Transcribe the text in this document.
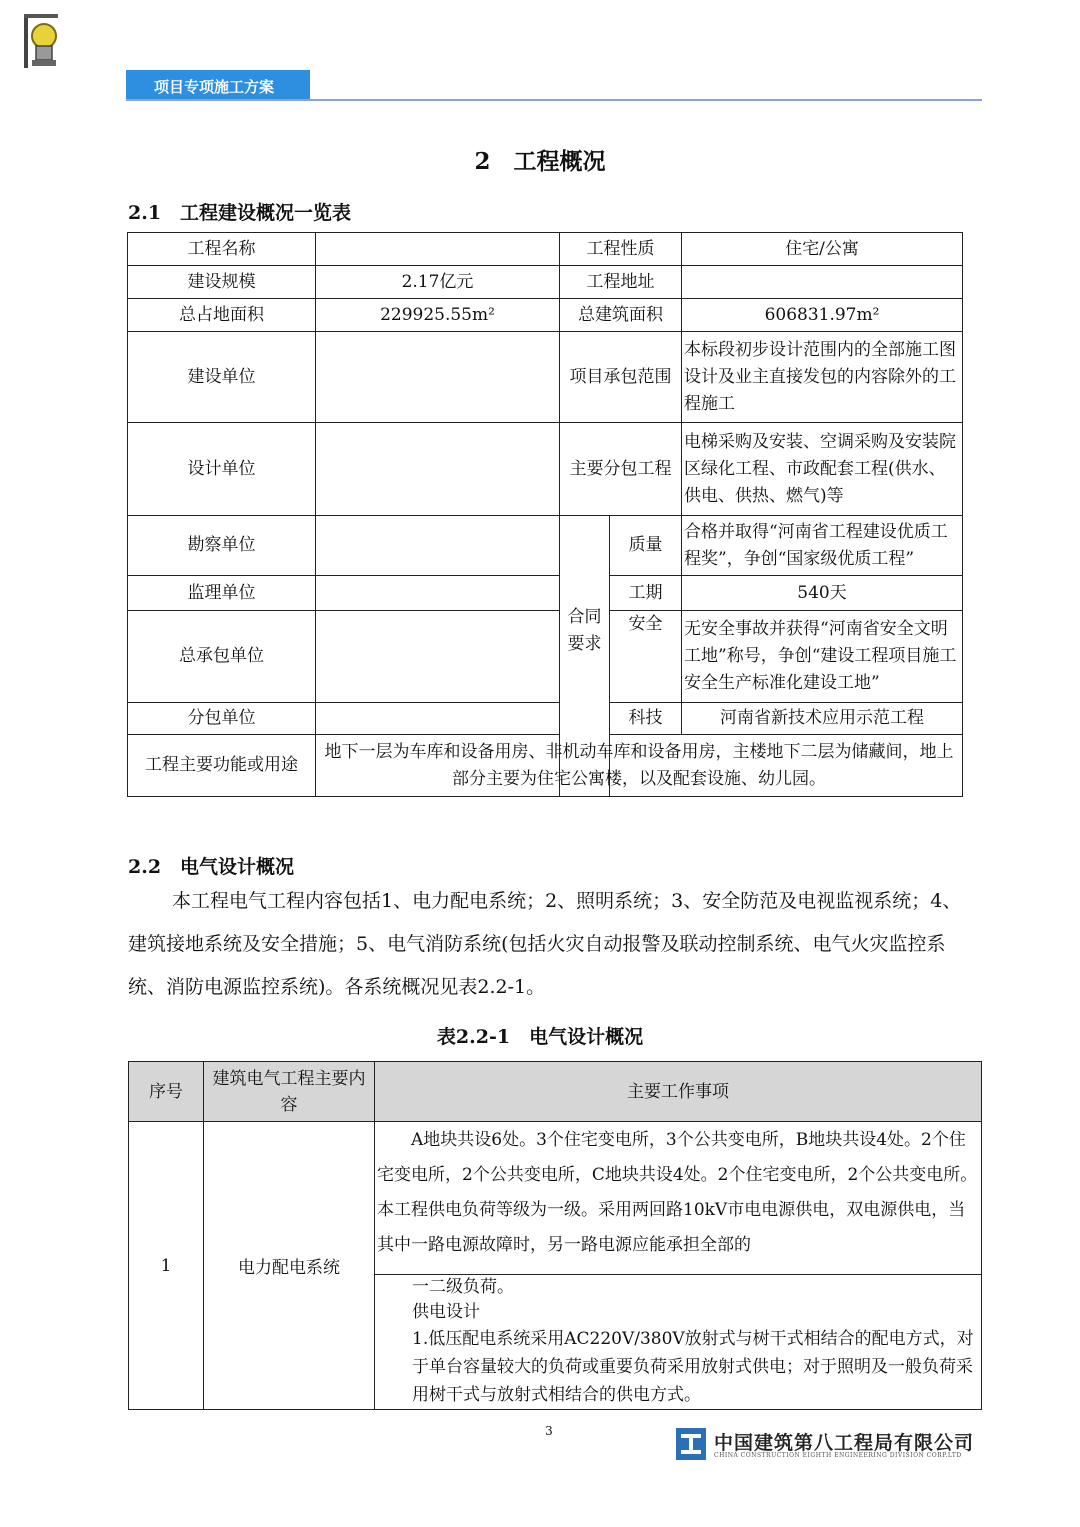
项目专项施工方案
2　工程概况
2.1　工程建设概况一览表
工程名称		工程性质		住宅/公寓
建设规模	2.17亿元	工程地址		
总占地面积	229925.55m²	总建筑面积		606831.97m²
建设单位		项目承包范围		本标段初步设计范围内的全部施工图设计及业主直接发包的内容除外的工程施工
设计单位		主要分包工程		电梯采购及安装、空调采购及安装院区绿化工程、市政配套工程(供水、供电、供热、燃气)等
勘察单位		合同要求	质量	合格并取得“河南省工程建设优质工程奖”，争创“国家级优质工程”
监理单位			工期	540天
总承包单位			安全	无安全事故并获得“河南省安全文明工地”称号，争创“建设工程项目施工安全生产标准化建设工地”
分包单位			科技	河南省新技术应用示范工程
工程主要功能或用途	地下一层为车库和设备用房、非机动车库和设备用房，主楼地下二层为储藏间，地上部分主要为住宅公寓楼，以及配套设施、幼儿园。			
2.2　电气设计概况
本工程电气工程内容包括1、电力配电系统；2、照明系统；3、安全防范及电视监视系统；4、建筑接地系统及安全措施；5、电气消防系统(包括火灾自动报警及联动控制系统、电气火灾监控系统、消防电源监控系统)。各系统概况见表2.2-1。
表2.2-1　电气设计概况
序号	建筑电气工程主要内容	主要工作事项
1	电力配电系统	A地块共设6处。3个住宅变电所，3个公共变电所，B地块共设4处。2个住宅变电所，2个公共变电所，C地块共设4处。2个住宅变电所，2个公共变电所。本工程供电负荷等级为一级。采用两回路10kV市电电源供电，双电源供电，当其中一路电源故障时，另一路电源应能承担全部的

		一二级负荷。
供电设计
1.低压配电系统采用AC220V/380V放射式与树干式相结合的配电方式，对于单台容量较大的负荷或重要负荷采用放射式供电；对于照明及一般负荷采用树干式与放射式相结合的供电方式。
3
中国建筑第八工程局有限公司
CHINA CONSTRUCTION EIGHTH ENGINEERING DIVISION CORP.LTD
